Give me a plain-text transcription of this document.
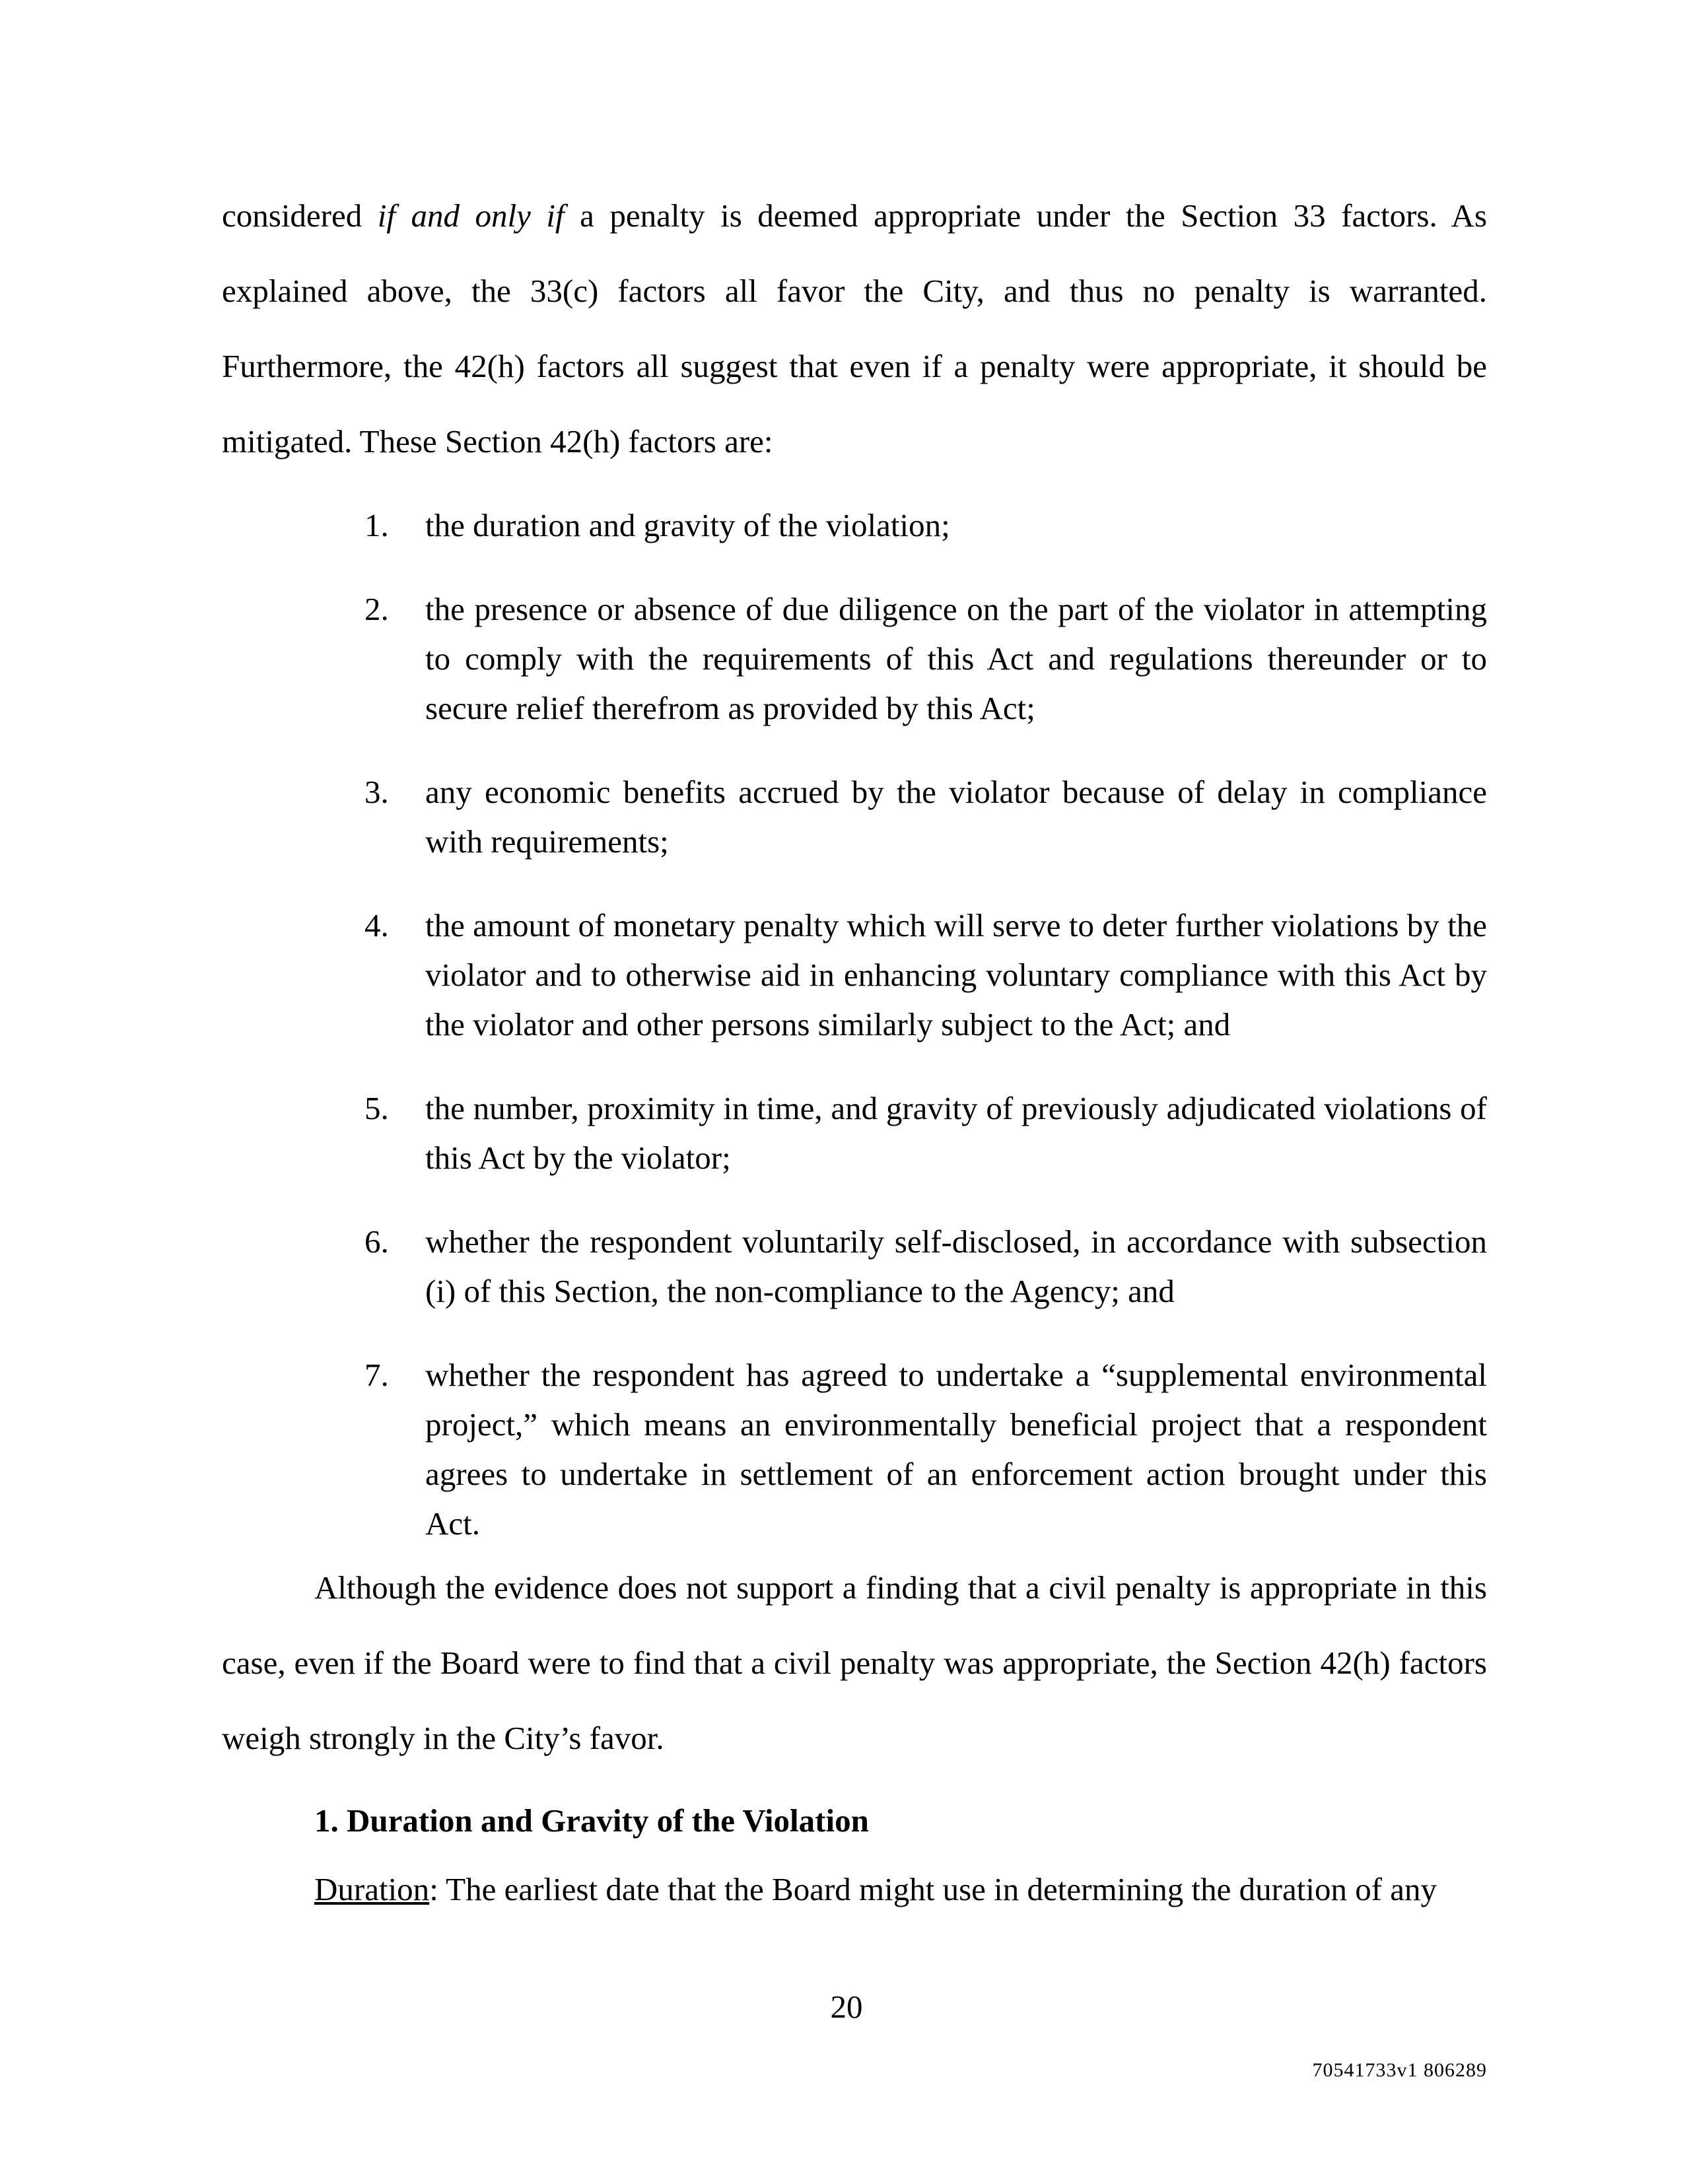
considered if and only if a penalty is deemed appropriate under the Section 33 factors. As explained above, the 33(c) factors all favor the City, and thus no penalty is warranted. Furthermore, the 42(h) factors all suggest that even if a penalty were appropriate, it should be mitigated. These Section 42(h) factors are:

1.	the duration and gravity of the violation;
2.	the presence or absence of due diligence on the part of the violator in attempting to comply with the requirements of this Act and regulations thereunder or to secure relief therefrom as provided by this Act;
3.	any economic benefits accrued by the violator because of delay in compliance with requirements;
4.	the amount of monetary penalty which will serve to deter further violations by the violator and to otherwise aid in enhancing voluntary compliance with this Act by the violator and other persons similarly subject to the Act; and
5.	the number, proximity in time, and gravity of previously adjudicated violations of this Act by the violator;
6.	whether the respondent voluntarily self-disclosed, in accordance with subsection (i) of this Section, the non-compliance to the Agency; and
7.	whether the respondent has agreed to undertake a “supplemental environmental project,” which means an environmentally beneficial project that a respondent agrees to undertake in settlement of an enforcement action brought under this Act.

Although the evidence does not support a finding that a civil penalty is appropriate in this case, even if the Board were to find that a civil penalty was appropriate, the Section 42(h) factors weigh strongly in the City’s favor.

1. Duration and Gravity of the Violation

Duration: The earliest date that the Board might use in determining the duration of any

20
70541733v1 806289
